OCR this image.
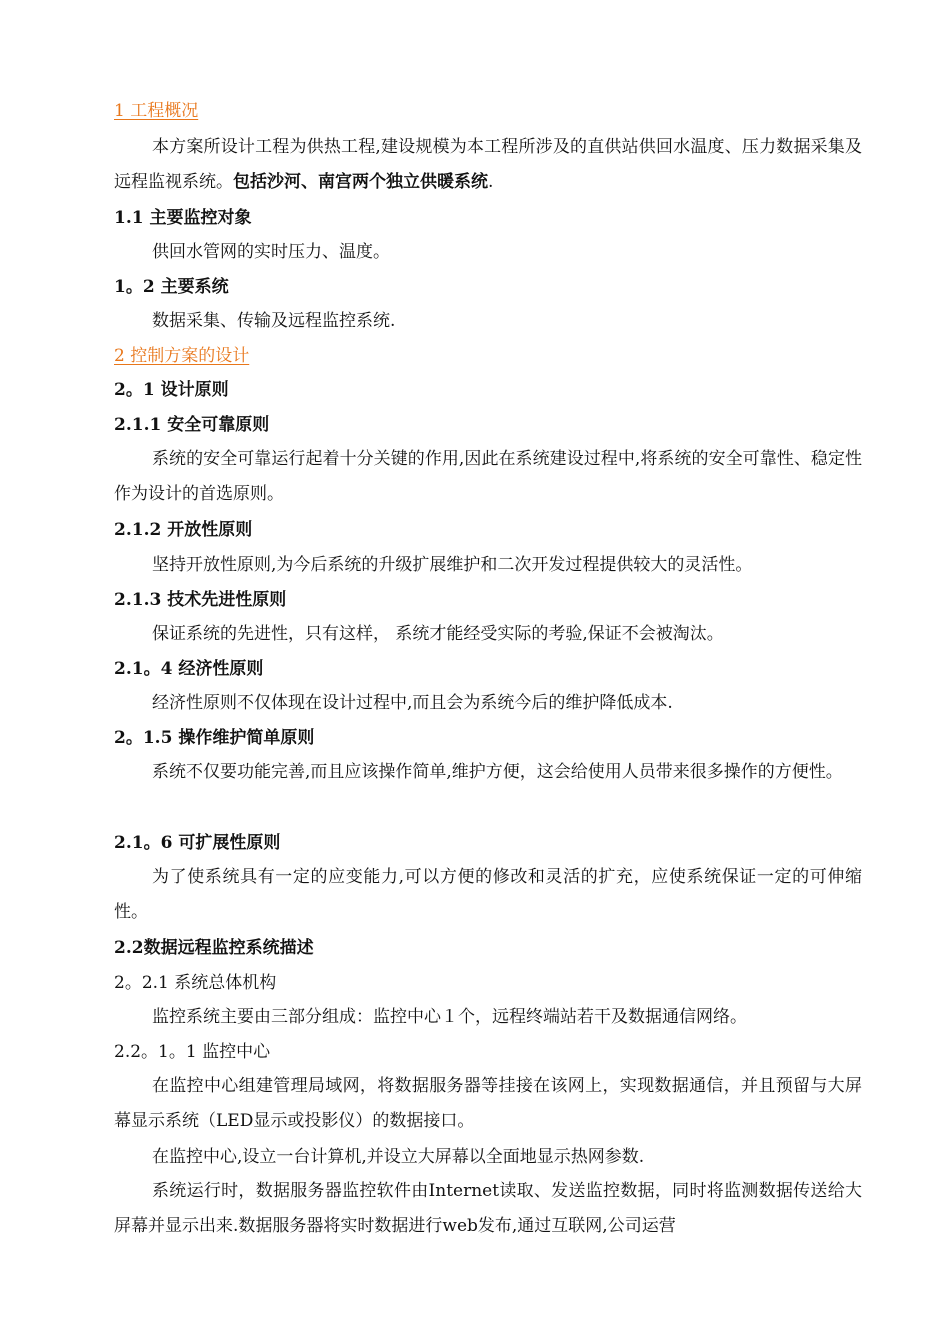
1 工程概况
本方案所设计工程为供热工程,建设规模为本工程所涉及的直供站供回水温度、压力数据采集及远程监视系统。包括沙河、南宫两个独立供暖系统.
1.1 主要监控对象
供回水管网的实时压力、温度。
1。2 主要系统
数据采集、传输及远程监控系统.
2 控制方案的设计
2。1 设计原则
2.1.1 安全可靠原则
系统的安全可靠运行起着十分关键的作用,因此在系统建设过程中,将系统的安全可靠性、稳定性作为设计的首选原则。
2.1.2 开放性原则
坚持开放性原则,为今后系统的升级扩展维护和二次开发过程提供较大的灵活性。
2.1.3 技术先进性原则
保证系统的先进性，只有这样， 系统才能经受实际的考验,保证不会被淘汰。
2.1。4 经济性原则
经济性原则不仅体现在设计过程中,而且会为系统今后的维护降低成本.
2。1.5 操作维护简单原则
系统不仅要功能完善,而且应该操作简单,维护方便，这会给使用人员带来很多操作的方便性。
2.1。6 可扩展性原则
为了使系统具有一定的应变能力,可以方便的修改和灵活的扩充，应使系统保证一定的可伸缩性。
2.2数据远程监控系统描述
2。2.1 系统总体机构
监控系统主要由三部分组成：监控中心１个，远程终端站若干及数据通信网络。
2.2。1。1 监控中心
在监控中心组建管理局域网，将数据服务器等挂接在该网上，实现数据通信，并且预留与大屏幕显示系统（LED显示或投影仪）的数据接口。
在监控中心,设立一台计算机,并设立大屏幕以全面地显示热网参数.
系统运行时，数据服务器监控软件由Internet读取、发送监控数据，同时将监测数据传送给大屏幕并显示出来.数据服务器将实时数据进行web发布,通过互联网,公司运营
